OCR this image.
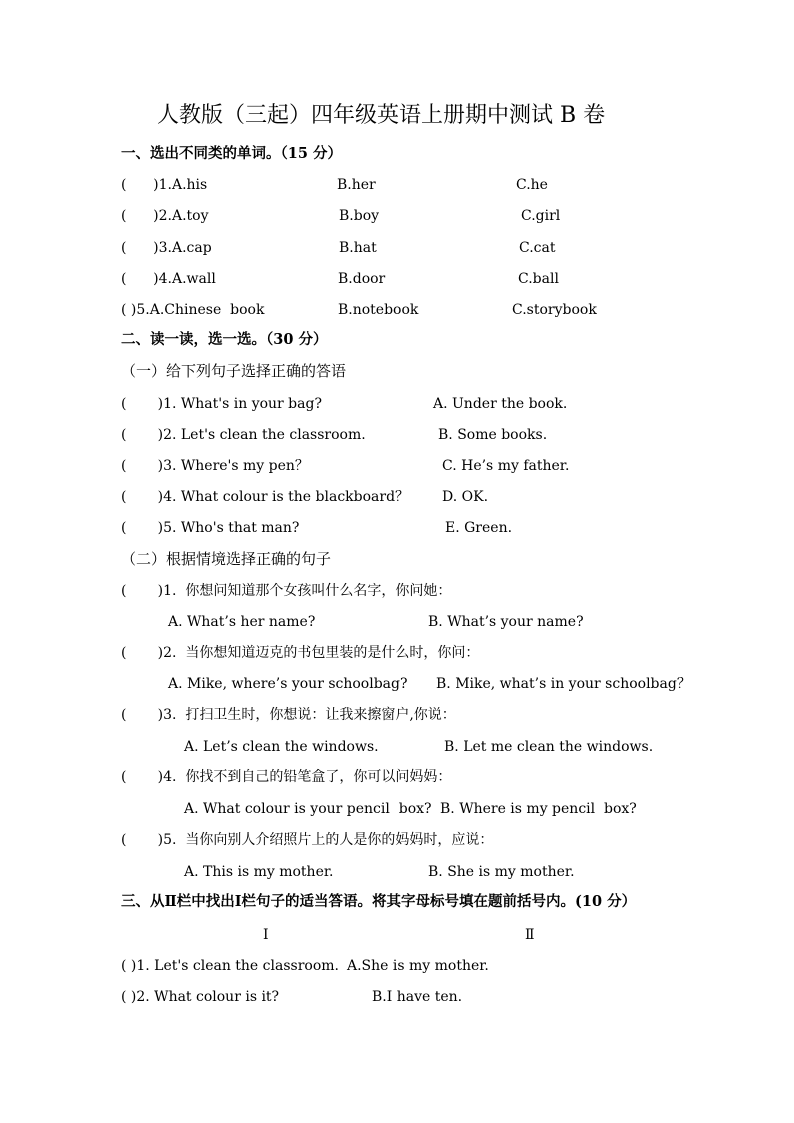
人教版（三起）四年级英语上册期中测试 B 卷
一、选出不同类的单词。（15 分）
(      )1.A.his	B.her	C.he
(      )2.A.toy	B.boy	C.girl
(      )3.A.cap	B.hat	C.cat
(      )4.A.wall	B.door	C.ball
( )5.A.Chinese  book	B.notebook	C.storybook
二、读一读，选一选。（30 分）
（一）给下列句子选择正确的答语
(       )1. What's in your bag?	A. Under the book.
(       )2. Let's clean the classroom.	B. Some books.
(       )3. Where's my pen？	C. He’s my father.
(       )4. What colour is the blackboard？ D. OK.
(       )5. Who's that man?	E. Green.
（二）根据情境选择正确的句子
(       )1.  你想问知道那个女孩叫什么名字，你问她：
A. What’s her name?	B. What’s your name?
(       )2.  当你想知道迈克的书包里装的是什么时，你问：
A. Mike, where’s your schoolbag? B. Mike, what’s in your schoolbag？
(       )3.  打扫卫生时，你想说：让我来擦窗户,你说：
A. Let’s clean the windows.	B. Let me clean the windows.
(       )4.  你找不到自己的铅笔盒了，你可以问妈妈：
A. What colour is your pencil  box? B. Where is my pencil  box?
(       )5.  当你向别人介绍照片上的人是你的妈妈时，应说：
A. This is my mother.	B. She is my mother.
三、从Ⅱ栏中找出Ⅰ栏句子的适当答语。将其字母标号填在题前括号内。(10 分）
Ⅰ	Ⅱ
( )1. Let's clean the classroom. A.She is my mother.
( )2. What colour is it?	B.I have ten.
